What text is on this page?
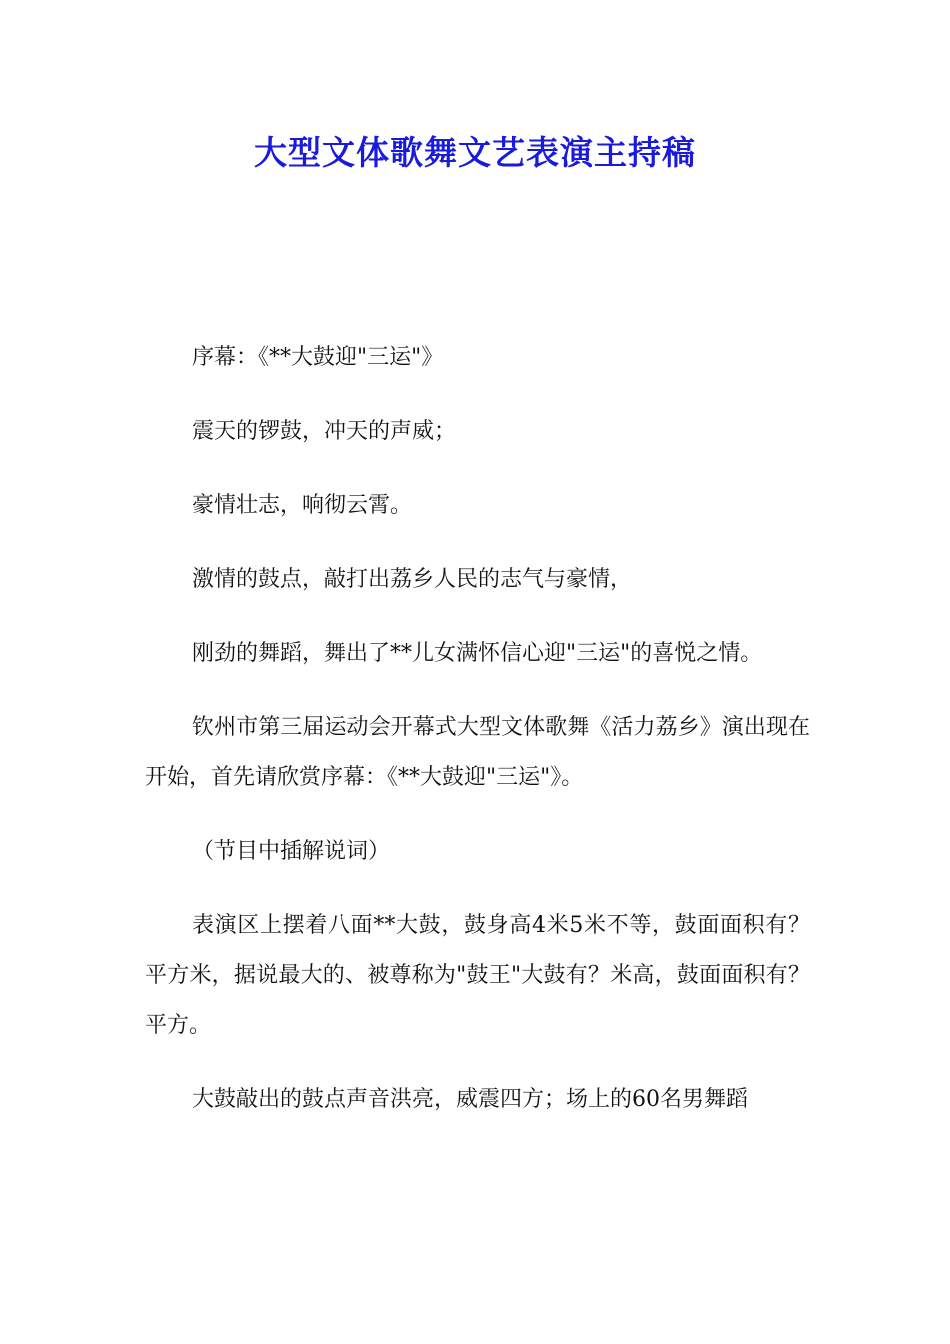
大型文体歌舞文艺表演主持稿

序幕：《**大鼓迎"三运"》

震天的锣鼓，冲天的声威；

豪情壮志，响彻云霄。

激情的鼓点，敲打出荔乡人民的志气与豪情，

刚劲的舞蹈，舞出了**儿女满怀信心迎"三运"的喜悦之情。

钦州市第三届运动会开幕式大型文体歌舞《活力荔乡》演出现在开始，首先请欣赏序幕：《**大鼓迎"三运"》。

（节目中插解说词）

表演区上摆着八面**大鼓，鼓身高4米5米不等，鼓面面积有？平方米，据说最大的、被尊称为"鼓王"大鼓有？米高，鼓面面积有？平方。

大鼓敲出的鼓点声音洪亮，威震四方；场上的60名男舞蹈
